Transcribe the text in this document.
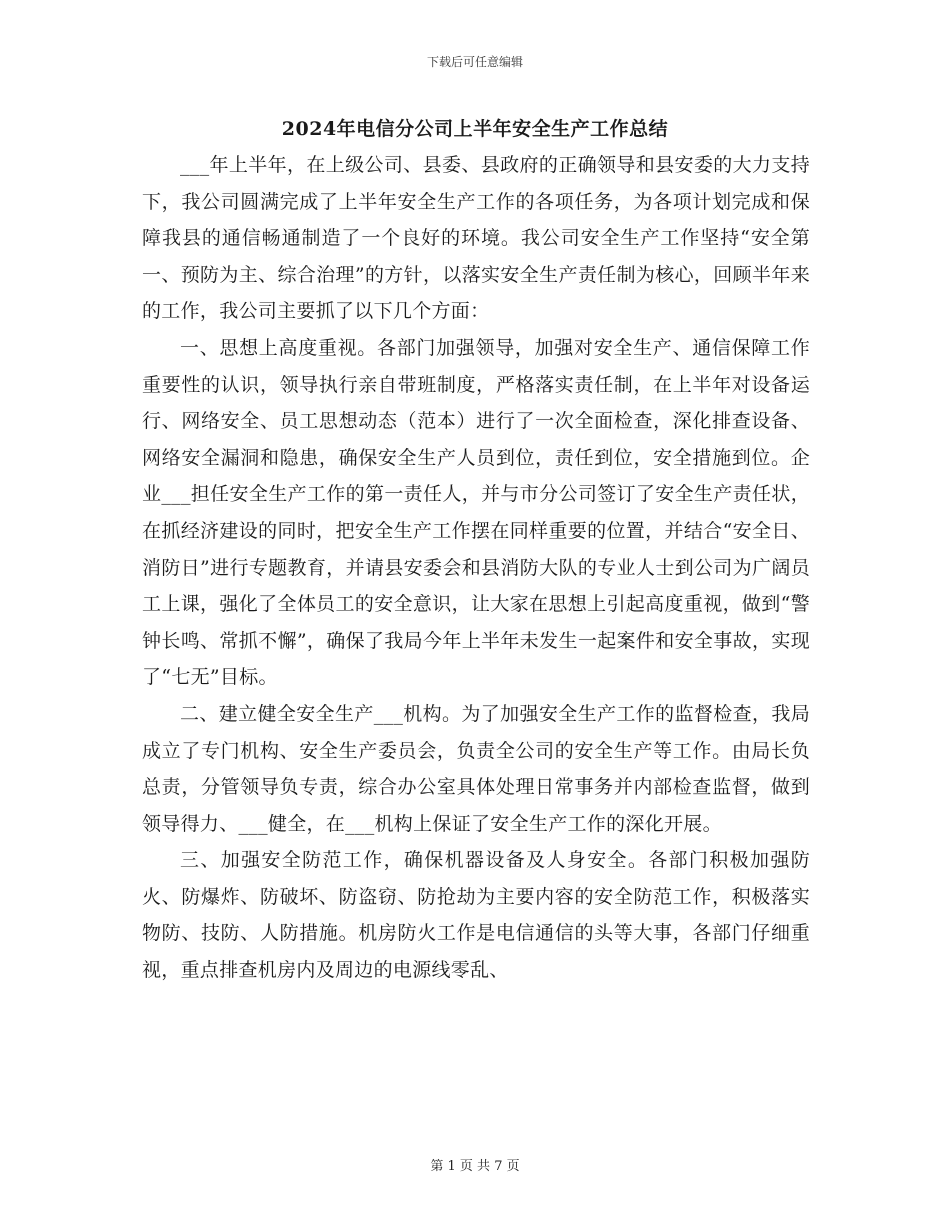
下载后可任意编辑
2024年电信分公司上半年安全生产工作总结

___年上半年，在上级公司、县委、县政府的正确领导和县安委的大力支持下，我公司圆满完成了上半年安全生产工作的各项任务，为各项计划完成和保障我县的通信畅通制造了一个良好的环境。我公司安全生产工作坚持“安全第一、预防为主、综合治理”的方针，以落实安全生产责任制为核心，回顾半年来的工作，我公司主要抓了以下几个方面：

一、思想上高度重视。各部门加强领导，加强对安全生产、通信保障工作重要性的认识，领导执行亲自带班制度，严格落实责任制，在上半年对设备运行、网络安全、员工思想动态（范本）进行了一次全面检查，深化排查设备、网络安全漏洞和隐患，确保安全生产人员到位，责任到位，安全措施到位。企业___担任安全生产工作的第一责任人，并与市分公司签订了安全生产责任状，在抓经济建设的同时，把安全生产工作摆在同样重要的位置，并结合“安全日、消防日”进行专题教育，并请县安委会和县消防大队的专业人士到公司为广阔员工上课，强化了全体员工的安全意识，让大家在思想上引起高度重视，做到“警钟长鸣、常抓不懈”，确保了我局今年上半年未发生一起案件和安全事故，实现了“七无”目标。

二、建立健全安全生产___机构。为了加强安全生产工作的监督检查，我局成立了专门机构、安全生产委员会，负责全公司的安全生产等工作。由局长负总责，分管领导负专责，综合办公室具体处理日常事务并内部检查监督，做到领导得力、___健全，在___机构上保证了安全生产工作的深化开展。

三、加强安全防范工作，确保机器设备及人身安全。各部门积极加强防火、防爆炸、防破坏、防盗窃、防抢劫为主要内容的安全防范工作，积极落实物防、技防、人防措施。机房防火工作是电信通信的头等大事，各部门仔细重视，重点排查机房内及周边的电源线零乱、

第 1 页 共 7 页
